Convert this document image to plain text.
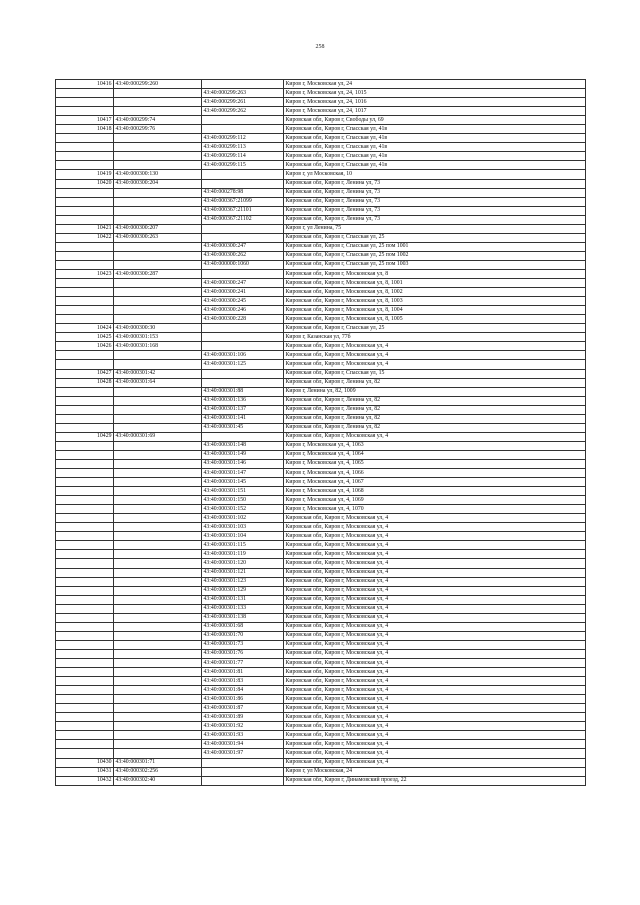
258
10416	43:40:000299:260		Киров г, Московская ул, 24
		43:40:000299:263	Киров г, Московская ул, 24, 1015
		43:40:000299:261	Киров г, Московская ул, 24, 1016
		43:40:000299:262	Киров г, Московская ул, 24, 1017
10417	43:40:000299:74		Кировская обл, Киров г, Свободы ул, 69
10418	43:40:000299:76		Кировская обл, Киров г, Спасская ул, 41в
		43:40:000299:112	Кировская обл, Киров г, Спасская ул, 41в
		43:40:000299:113	Кировская обл, Киров г, Спасская ул, 41в
		43:40:000299:114	Кировская обл, Киров г, Спасская ул, 41в
		43:40:000299:115	Кировская обл, Киров г, Спасская ул, 41в
10419	43:40:000300:130		Киров г, ул Московская, 10
10420	43:40:000300:204		Кировская обл, Киров г, Ленина ул, 73
		43:40:000278:98	Кировская обл, Киров г, Ленина ул, 73
		43:40:000367:21099	Кировская обл, Киров г, Ленина ул, 73
		43:40:000367:21101	Кировская обл, Киров г, Ленина ул, 73
		43:40:000367:21102	Кировская обл, Киров г, Ленина ул, 73
10421	43:40:000300:207		Киров г, ул Ленина, 75
10422	43:40:000300:263		Кировская обл, Киров г, Спасская ул, 25
		43:40:000300:247	Кировская обл, Киров г, Спасская ул, 25 пом 1001
		43:40:000300:262	Кировская обл, Киров г, Спасская ул, 25 пом 1002
		43:40:000000:1060	Кировская обл, Киров г, Спасская ул, 25 пом 1003
10423	43:40:000300:287		Кировская обл, Киров г, Московская ул, 8
		43:40:000300:247	Кировская обл, Киров г, Московская ул, 8, 1001
		43:40:000300:241	Кировская обл, Киров г, Московская ул, 8, 1002
		43:40:000300:245	Кировская обл, Киров г, Московская ул, 8, 1003
		43:40:000300:246	Кировская обл, Киров г, Московская ул, 8, 1004
		43:40:000300:228	Кировская обл, Киров г, Московская ул, 8, 1005
10424	43:40:000300:30		Кировская обл, Киров г, Спасская ул, 25
10425	43:40:000301:153		Киров г, Казанская ул, 77б
10426	43:40:000301:168		Кировская обл, Киров г, Московская ул, 4
		43:40:000301:106	Кировская обл, Киров г, Московская ул, 4
		43:40:000301:125	Кировская обл, Киров г, Московская ул, 4
10427	43:40:000301:42		Кировская обл, Киров г, Спасская ул, 15
10428	43:40:000301:64		Кировская обл, Киров г, Ленина ул, 82
		43:40:000301:88	Киров г, Ленина ул, 82, 1009
		43:40:000301:136	Кировская обл, Киров г, Ленина ул, 82
		43:40:000301:137	Кировская обл, Киров г, Ленина ул, 82
		43:40:000301:141	Кировская обл, Киров г, Ленина ул, 82
		43:40:000301:45	Кировская обл, Киров г, Ленина ул, 82
10429	43:40:000301:69		Кировская обл, Киров г, Московская ул, 4
		43:40:000301:148	Киров г, Московская ул, 4, 1063
		43:40:000301:149	Киров г, Московская ул, 4, 1064
		43:40:000301:146	Киров г, Московская ул, 4, 1065
		43:40:000301:147	Киров г, Московская ул, 4, 1066
		43:40:000301:145	Киров г, Московская ул, 4, 1067
		43:40:000301:151	Киров г, Московская ул, 4, 1068
		43:40:000301:150	Киров г, Московская ул, 4, 1069
		43:40:000301:152	Киров г, Московская ул, 4, 1070
		43:40:000301:102	Кировская обл, Киров г, Московская ул, 4
		43:40:000301:103	Кировская обл, Киров г, Московская ул, 4
		43:40:000301:104	Кировская обл, Киров г, Московская ул, 4
		43:40:000301:115	Кировская обл, Киров г, Московская ул, 4
		43:40:000301:119	Кировская обл, Киров г, Московская ул, 4
		43:40:000301:120	Кировская обл, Киров г, Московская ул, 4
		43:40:000301:121	Кировская обл, Киров г, Московская ул, 4
		43:40:000301:123	Кировская обл, Киров г, Московская ул, 4
		43:40:000301:129	Кировская обл, Киров г, Московская ул, 4
		43:40:000301:131	Кировская обл, Киров г, Московская ул, 4
		43:40:000301:133	Кировская обл, Киров г, Московская ул, 4
		43:40:000301:138	Кировская обл, Киров г, Московская ул, 4
		43:40:000301:68	Кировская обл, Киров г, Московская ул, 4
		43:40:000301:70	Кировская обл, Киров г, Московская ул, 4
		43:40:000301:73	Кировская обл, Киров г, Московская ул, 4
		43:40:000301:76	Кировская обл, Киров г, Московская ул, 4
		43:40:000301:77	Кировская обл, Киров г, Московская ул, 4
		43:40:000301:81	Кировская обл, Киров г, Московская ул, 4
		43:40:000301:83	Кировская обл, Киров г, Московская ул, 4
		43:40:000301:84	Кировская обл, Киров г, Московская ул, 4
		43:40:000301:86	Кировская обл, Киров г, Московская ул, 4
		43:40:000301:87	Кировская обл, Киров г, Московская ул, 4
		43:40:000301:89	Кировская обл, Киров г, Московская ул, 4
		43:40:000301:92	Кировская обл, Киров г, Московская ул, 4
		43:40:000301:93	Кировская обл, Киров г, Московская ул, 4
		43:40:000301:94	Кировская обл, Киров г, Московская ул, 4
		43:40:000301:97	Кировская обл, Киров г, Московская ул, 4
10430	43:40:000301:71		Кировская обл, Киров г, Московская ул, 4
10431	43:40:000302:256		Киров г, ул Московская, 24
10432	43:40:000302:40		Кировская обл, Киров г, Динамовский проезд, 22
